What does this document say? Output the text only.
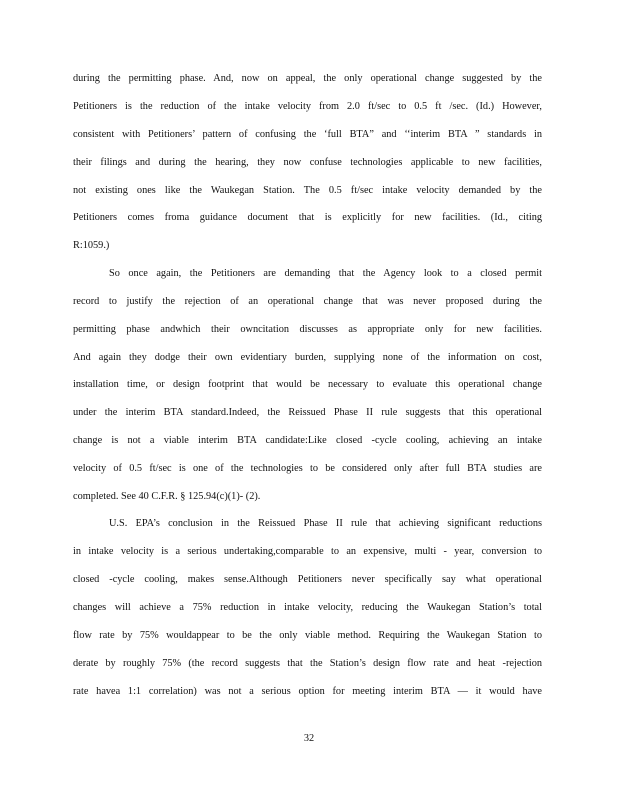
during the permitting phase. And, now on appeal, the only operational change suggested by the
Petitioners is the reduction of the intake velocity from 2.0 ft/sec to 0.5 ft /sec. (Id.) However,
consistent with Petitioners’ pattern of confusing the ‘full BTA” and ‘‘interim BTA ” standards in
their filings and during the hearing, they now confuse technologies applicable to new facilities,
not existing ones like the Waukegan Station. The 0.5 ft/sec intake velocity demanded by the
Petitioners comes froma guidance document that is explicitly for new facilities. (Id., citing
R:1059.)
So once again, the Petitioners are demanding that the Agency look to a closed permit
record to justify the rejection of an operational change that was never proposed during the
permitting phase andwhich their owncitation discusses as appropriate only for new facilities.
And again they dodge their own evidentiary burden, supplying none of the information on cost,
installation time, or design footprint that would be necessary to evaluate this operational change
under the interim BTA standard.Indeed, the Reissued Phase II rule suggests that this operational
change is not a viable interim BTA candidate:Like closed -cycle cooling, achieving an intake
velocity of 0.5 ft/sec is one of the technologies to be considered only after full BTA studies are
completed. See 40 C.F.R. § 125.94(c)(1)- (2).
U.S. EPA’s conclusion in the Reissued Phase II rule that achieving significant reductions
in intake velocity is a serious undertaking,comparable to an expensive, multi - year, conversion to
closed -cycle cooling, makes sense.Although Petitioners never specifically say what operational
changes will achieve a 75% reduction in intake velocity, reducing the Waukegan Station’s total
flow rate by 75% wouldappear to be the only viable method. Requiring the Waukegan Station to
derate by roughly 75% (the record suggests that the Station’s design flow rate and heat -rejection
rate havea 1:1 correlation) was not a serious option for meeting interim BTA — it would have
32
